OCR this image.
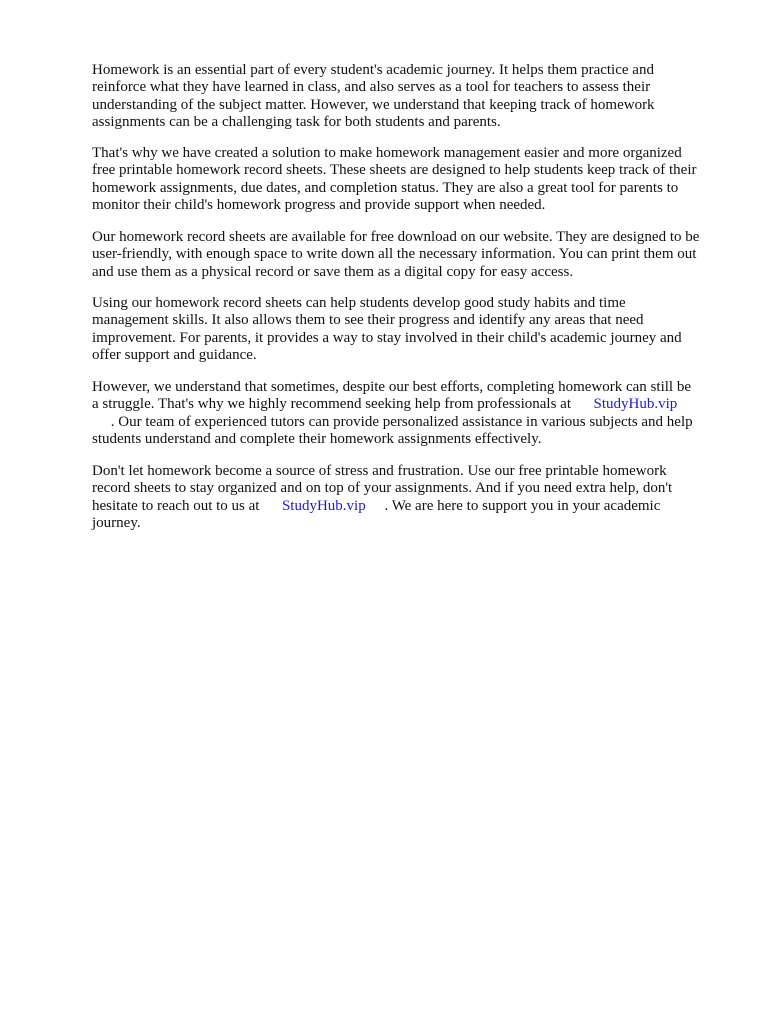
Homework is an essential part of every student's academic journey. It helps them practice and
reinforce what they have learned in class, and also serves as a tool for teachers to assess their
understanding of the subject matter. However, we understand that keeping track of homework
assignments can be a challenging task for both students and parents.
That's why we have created a solution to make homework management easier and more organized
free printable homework record sheets. These sheets are designed to help students keep track of their
homework assignments, due dates, and completion status. They are also a great tool for parents to
monitor their child's homework progress and provide support when needed.
Our homework record sheets are available for free download on our website. They are designed to be
user-friendly, with enough space to write down all the necessary information. You can print them out
and use them as a physical record or save them as a digital copy for easy access.
Using our homework record sheets can help students develop good study habits and time
management skills. It also allows them to see their progress and identify any areas that need
improvement. For parents, it provides a way to stay involved in their child's academic journey and
offer support and guidance.
However, we understand that sometimes, despite our best efforts, completing homework can still be
a struggle. That's why we highly recommend seeking help from professionals at StudyHub.vip
. Our team of experienced tutors can provide personalized assistance in various subjects and help
students understand and complete their homework assignments effectively.
Don't let homework become a source of stress and frustration. Use our free printable homework
record sheets to stay organized and on top of your assignments. And if you need extra help, don't
hesitate to reach out to us at StudyHub.vip . We are here to support you in your academic
journey.
